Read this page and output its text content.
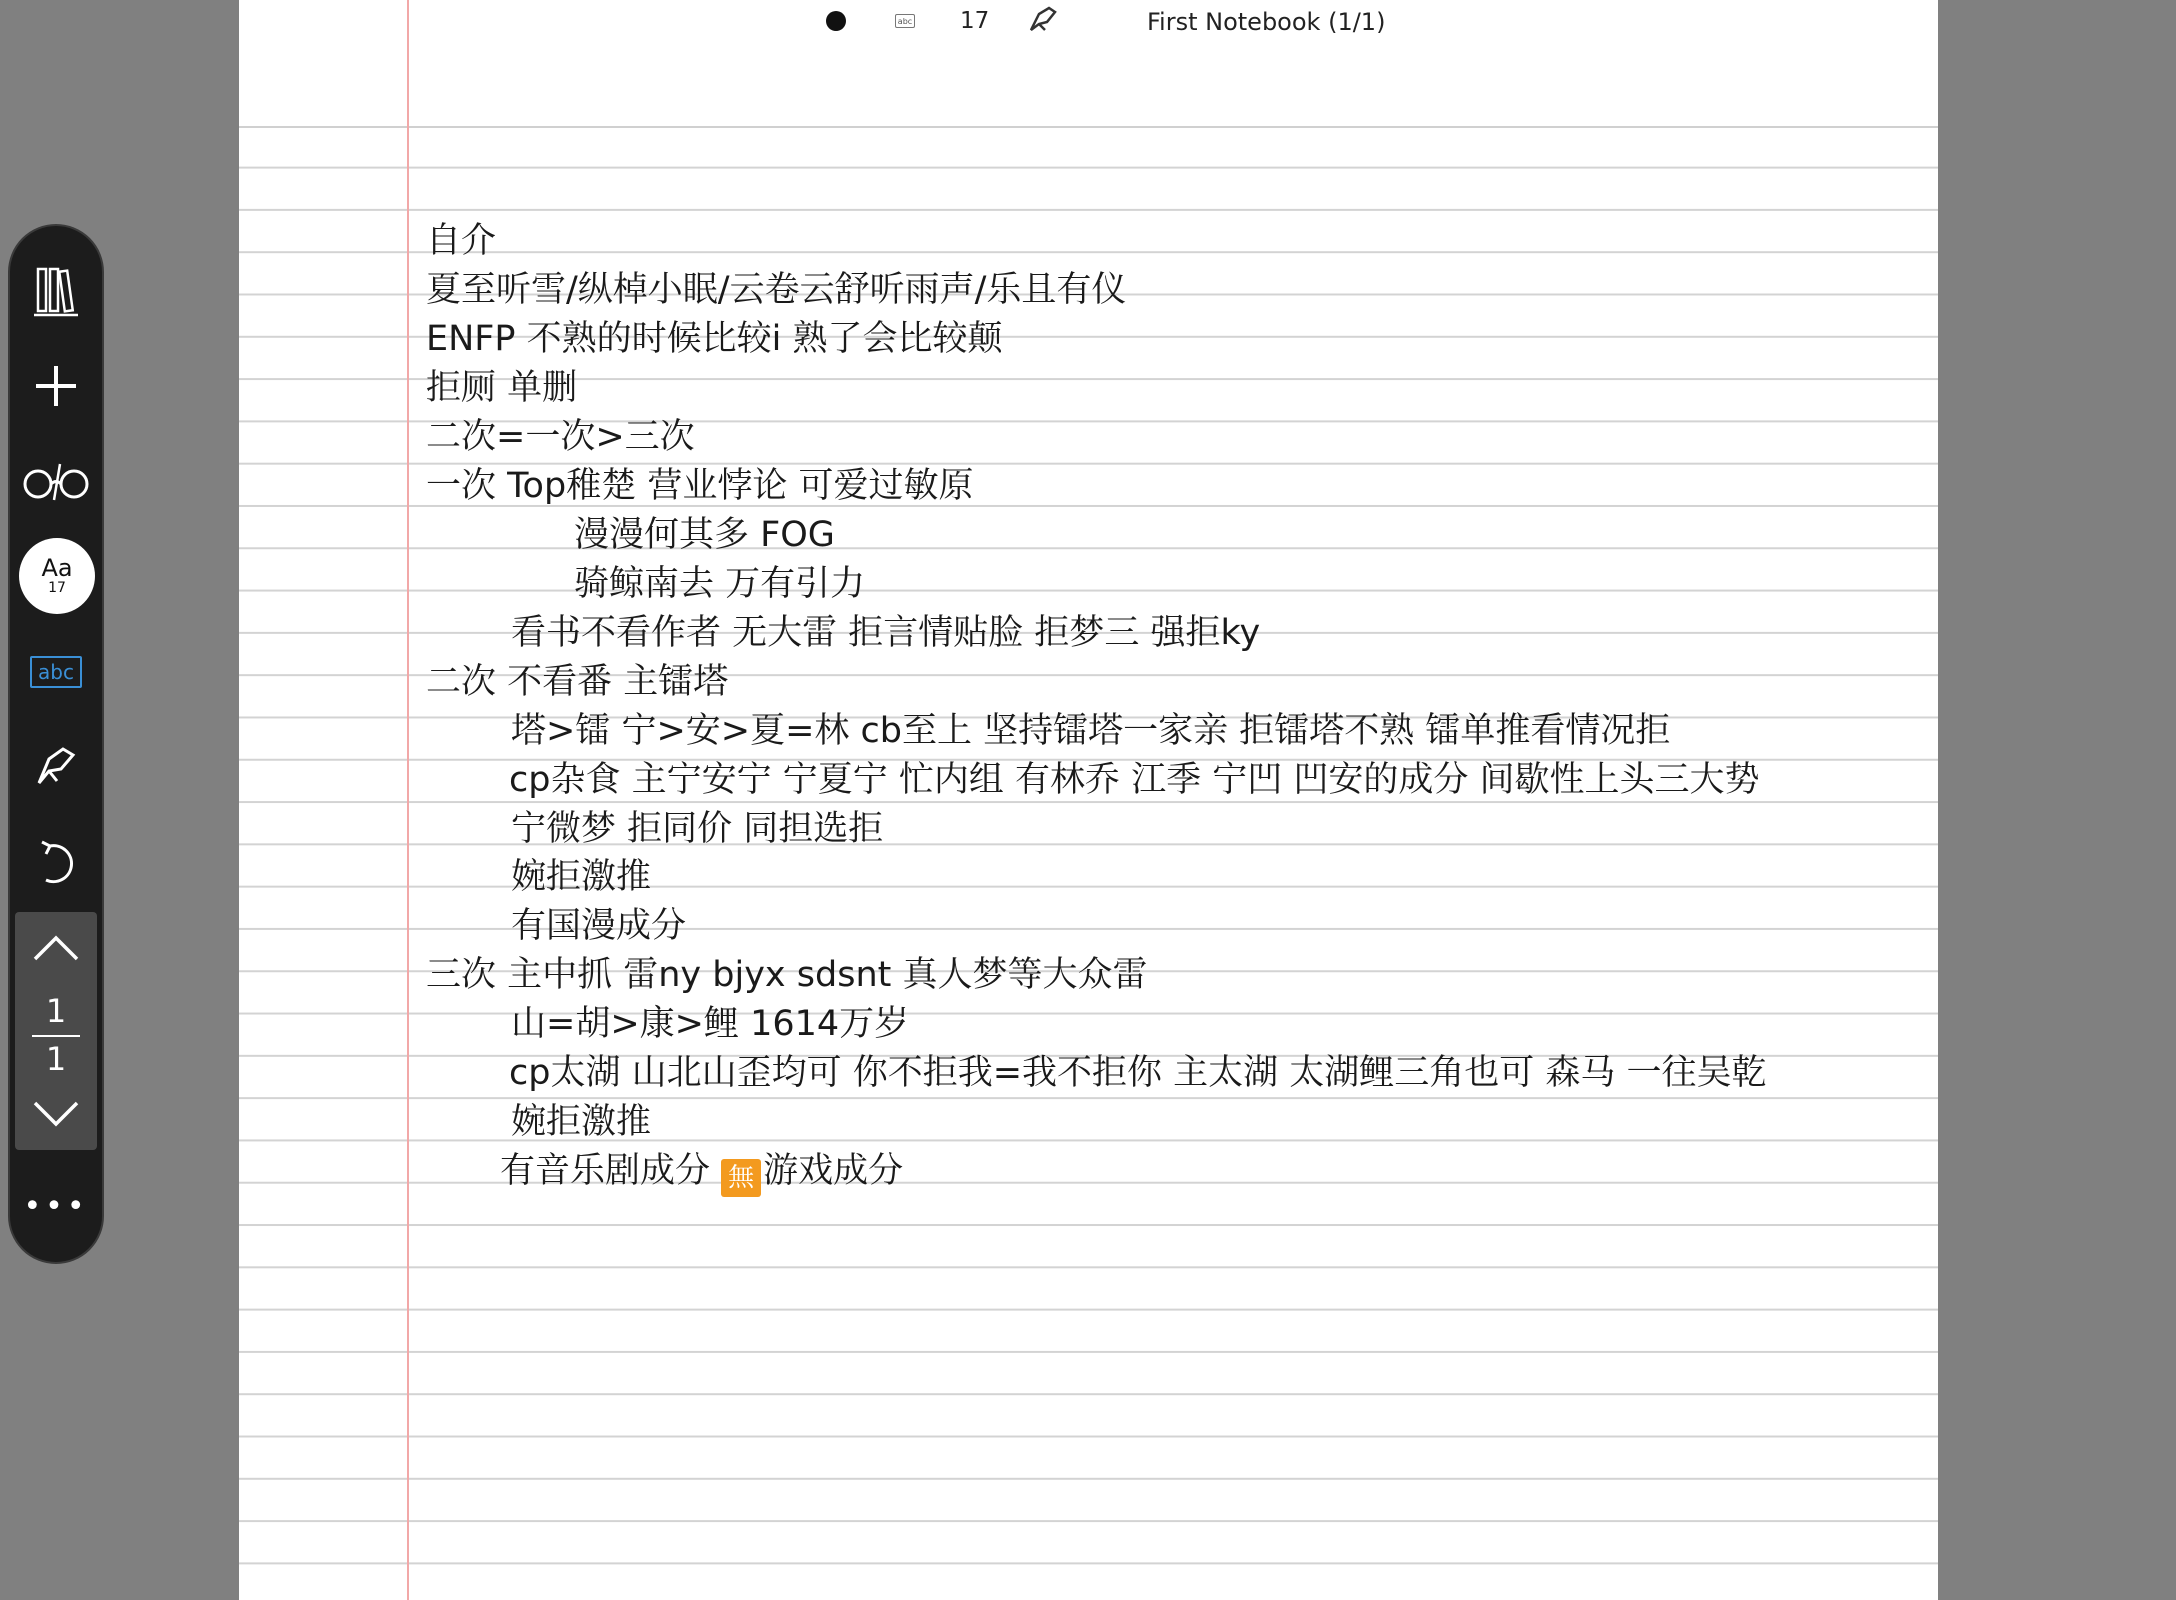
abc 17	First Notebook (1/1)
自介
夏至听雪/纵棹小眠/云卷云舒听雨声/乐且有仪
ENFP 不熟的时候比较i 熟了会比较颠
拒厕 单删
二次=一次>三次
一次 Top稚楚 营业悖论 可爱过敏原
漫漫何其多 FOG
骑鲸南去 万有引力
看书不看作者 无大雷 拒言情贴脸 拒梦三 强拒ky
二次 不看番 主镭塔
塔>镭 宁>安>夏=林 cb至上 坚持镭塔一家亲 拒镭塔不熟 镭单推看情况拒
cp杂食 主宁安宁 宁夏宁 忙内组 有林乔 江季 宁凹 凹安的成分 间歇性上头三大势
宁微梦 拒同价 同担选拒
婉拒激推
有国漫成分
三次 主中抓 雷ny bjyx sdsnt 真人梦等大众雷
山=胡>康>鲤 1614万岁
cp太湖 山北山歪均可 你不拒我=我不拒你 主太湖 太湖鲤三角也可 森马 一往吴乾
婉拒激推
有音乐剧成分 無 游戏成分
Aa
17
abc
1
1
•••
